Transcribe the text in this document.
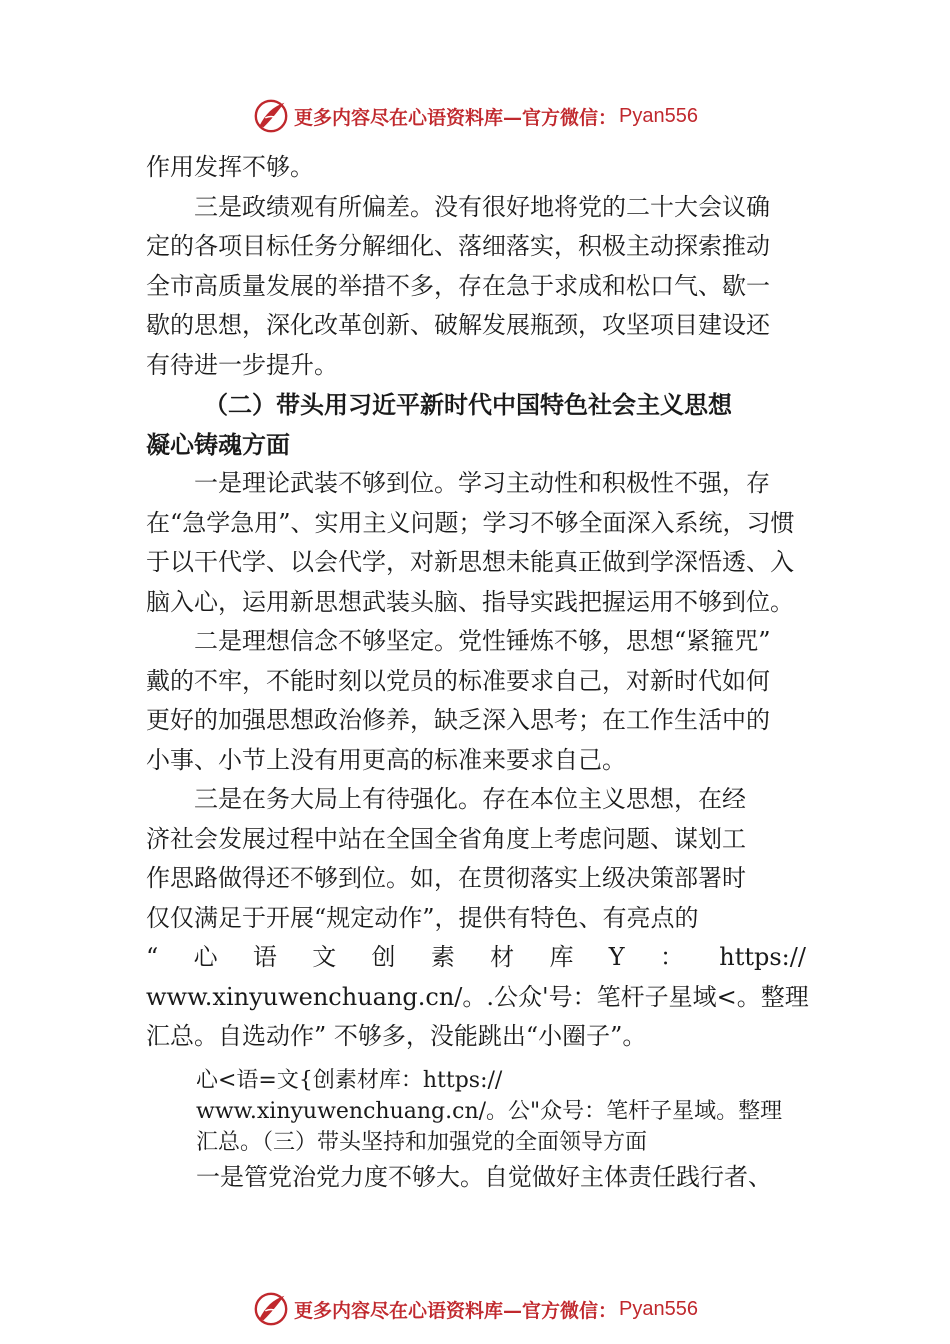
更多内容尽在心语资料库—官方微信： Pyan556
作用发挥不够。
三是政绩观有所偏差。没有很好地将党的二十大会议确
定的各项目标任务分解细化、落细落实，积极主动探索推动
全市高质量发展的举措不多，存在急于求成和松口气、歇一
歇的思想，深化改革创新、破解发展瓶颈，攻坚项目建设还
有待进一步提升。
（二）带头用习近平新时代中国特色社会主义思想
凝心铸魂方面
一是理论武装不够到位。学习主动性和积极性不强，存
在“急学急用”、实用主义问题；学习不够全面深入系统，习惯
于以干代学、以会代学，对新思想未能真正做到学深悟透、入
脑入心，运用新思想武装头脑、指导实践把握运用不够到位。
二是理想信念不够坚定。党性锤炼不够，思想“紧箍咒”
戴的不牢，不能时刻以党员的标准要求自己，对新时代如何
更好的加强思想政治修养，缺乏深入思考；在工作生活中的
小事、小节上没有用更高的标准来要求自己。
三是在务大局上有待强化。存在本位主义思想，在经
济社会发展过程中站在全国全省角度上考虑问题、谋划工
作思路做得还不够到位。如，在贯彻落实上级决策部署时
仅仅满足于开展“规定动作”，提供有特色、有亮点的
“ 心 语 文 创 素 材 库 Y ： https://
www.xinyuwenchuang.cn/。.公众'号：笔杆子星域<。整理
汇总。自选动作” 不够多，没能跳出“小圈子”。
心<语=文{创素材库：https://
www.xinyuwenchuang.cn/。公"众号：笔杆子星域。整理
汇总。（三）带头坚持和加强党的全面领导方面
一是管党治党力度不够大。自觉做好主体责任践行者、
更多内容尽在心语资料库—官方微信： Pyan556
